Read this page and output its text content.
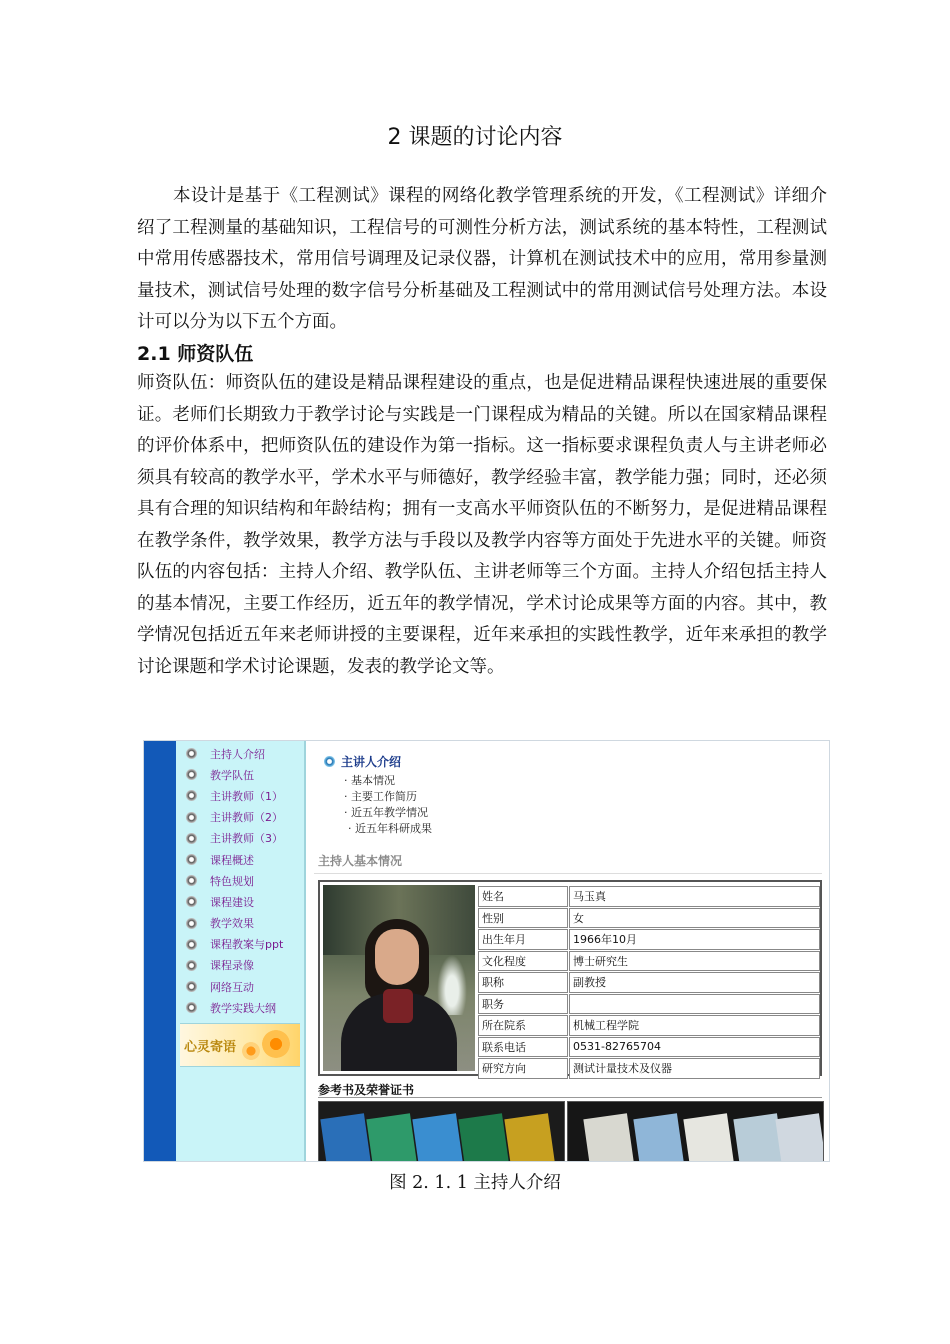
2 课题的讨论内容

本设计是基于《工程测试》课程的网络化教学管理系统的开发，《工程测试》详细介绍了工程测量的基础知识，工程信号的可测性分析方法，测试系统的基本特性，工程测试中常用传感器技术，常用信号调理及记录仪器，计算机在测试技术中的应用，常用参量测量技术，测试信号处理的数字信号分析基础及工程测试中的常用测试信号处理方法。本设计可以分为以下五个方面。

2.1 师资队伍

师资队伍：师资队伍的建设是精品课程建设的重点，也是促进精品课程快速进展的重要保证。老师们长期致力于教学讨论与实践是一门课程成为精品的关键。所以在国家精品课程的评价体系中，把师资队伍的建设作为第一指标。这一指标要求课程负责人与主讲老师必须具有较高的教学水平，学术水平与师德好，教学经验丰富，教学能力强；同时，还必须具有合理的知识结构和年龄结构；拥有一支高水平师资队伍的不断努力，是促进精品课程在教学条件，教学效果，教学方法与手段以及教学内容等方面处于先进水平的关键。师资队伍的内容包括：主持人介绍、教学队伍、主讲老师等三个方面。主持人介绍包括主持人的基本情况，主要工作经历，近五年的教学情况，学术讨论成果等方面的内容。其中，教学情况包括近五年来老师讲授的主要课程，近年来承担的实践性教学，近年来承担的教学讨论课题和学术讨论课题，发表的教学论文等。

主持人介绍
教学队伍
主讲教师（1）
主讲教师（2）
主讲教师（3）
课程概述
特色规划
课程建设
教学效果
课程教案与ppt
课程录像
网络互动
教学实践大纲
心灵寄语
主讲人介绍
· 基本情况
· 主要工作简历
· 近五年教学情况
· 近五年科研成果
主持人基本情况
姓名	马玉真
性别	女
出生年月	1966年10月
文化程度	博士研究生
职称	副教授
职务	
所在院系	机械工程学院
联系电话	0531-82765704
研究方向	测试计量技术及仪器
参考书及荣誉证书
图 2. 1. 1 主持人介绍
